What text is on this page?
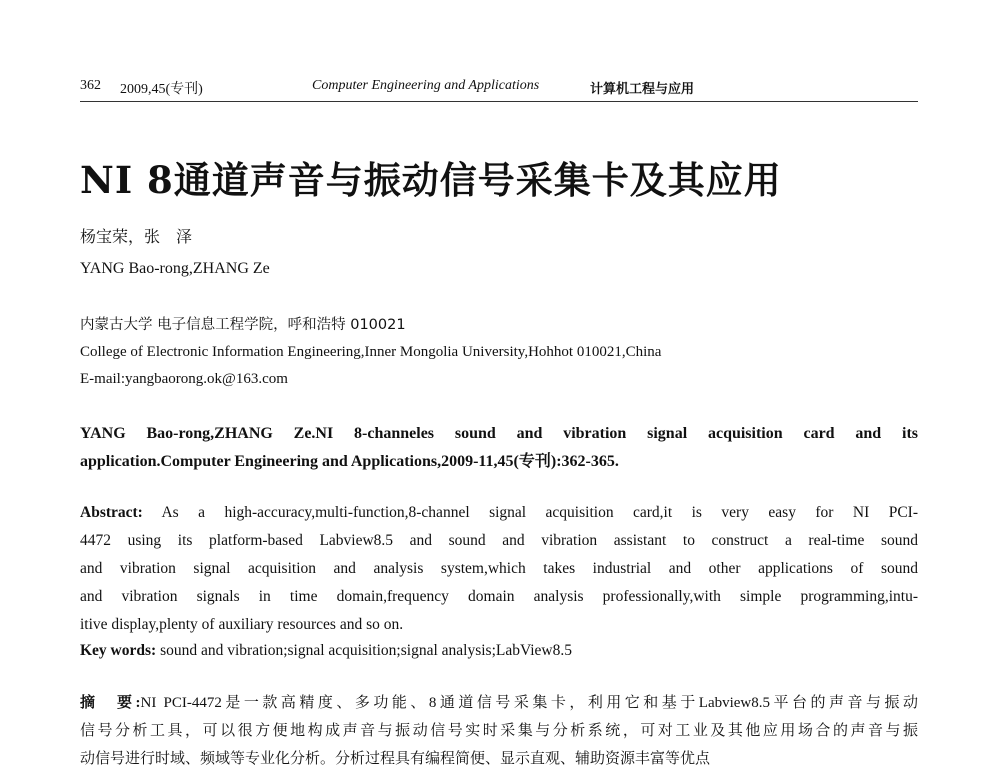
362 2009,45(专刊)	Computer Engineering and Applications	计算机工程与应用
NI 8通道声音与振动信号采集卡及其应用
杨宝荣，张　泽
YANG Bao-rong,ZHANG Ze
内蒙古大学 电子信息工程学院，呼和浩特 010021
College of Electronic Information Engineering,Inner Mongolia University,Hohhot 010021,China
E-mail:yangbaorong.ok@163.com
YANG Bao-rong,ZHANG Ze.NI 8-channeles sound and vibration signal acquisition card and its
application.Computer Engineering and Applications,2009-11,45(专刊):362-365.
Abstract: As a high-accuracy,multi-function,8-channel signal acquisition card,it is very easy for NI PCI-
4472 using its platform-based Labview8.5 and sound and vibration assistant to construct a real-time sound
and vibration signal acquisition and analysis system,which takes industrial and other applications of sound
and vibration signals in time domain,frequency domain analysis professionally,with simple programming,intu-
itive display,plenty of auxiliary resources and so on.
Key words: sound and vibration;signal acquisition;signal analysis;LabView8.5
摘　要:NI PCI-4472是一款高精度、多功能、8通道信号采集卡，利用它和基于Labview8.5平台的声音与振动
信号分析工具，可以很方便地构成声音与振动信号实时采集与分析系统，可对工业及其他应用场合的声音与振
动信号进行时域、频域等专业化分析。分析过程具有编程简便、显示直观、辅助资源丰富等优点
